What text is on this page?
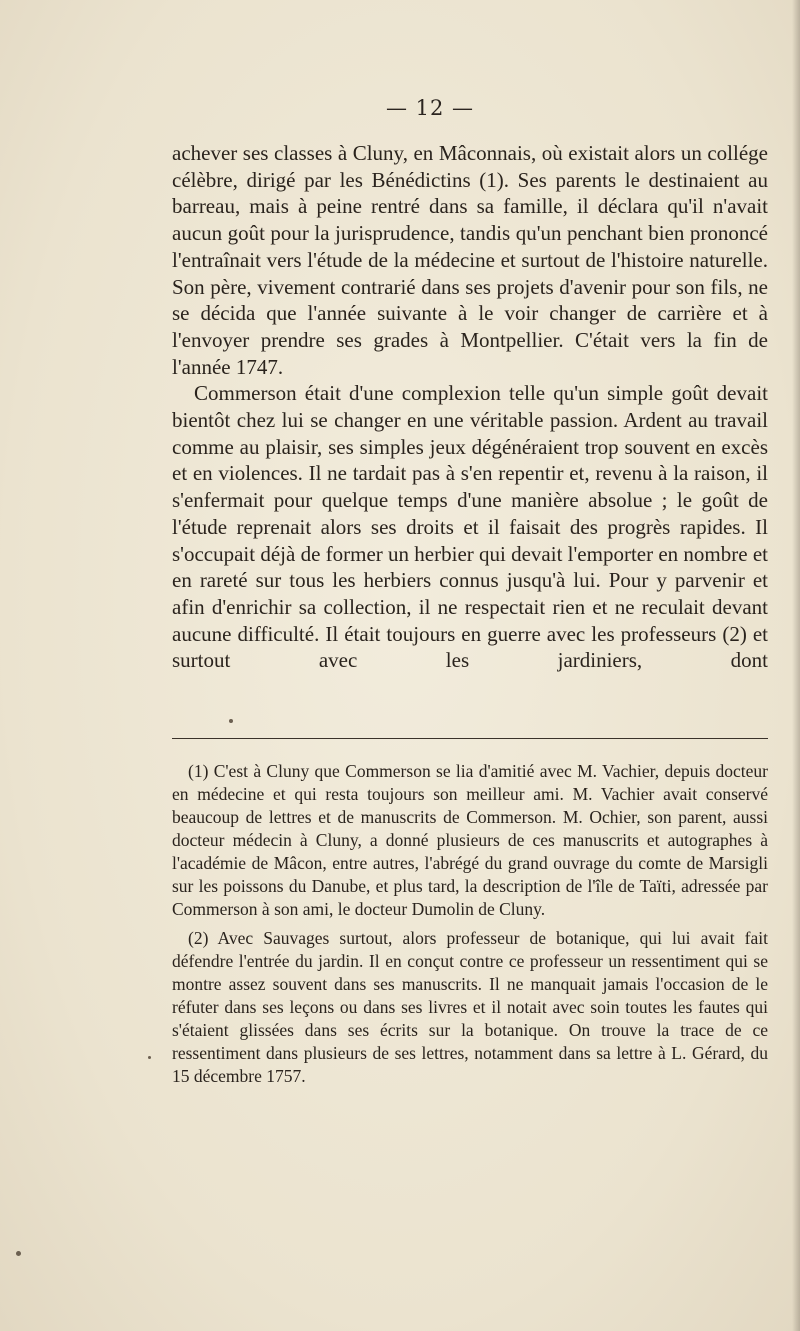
— 12 —

achever ses classes à Cluny, en Mâconnais, où existait alors un collége célèbre, dirigé par les Bénédictins (1). Ses parents le destinaient au barreau, mais à peine rentré dans sa famille, il déclara qu'il n'avait aucun goût pour la jurisprudence, tandis qu'un penchant bien prononcé l'entraînait vers l'étude de la médecine et surtout de l'histoire naturelle. Son père, vivement contrarié dans ses projets d'avenir pour son fils, ne se décida que l'année suivante à le voir changer de carrière et à l'envoyer prendre ses grades à Montpellier. C'était vers la fin de l'année 1747.

Commerson était d'une complexion telle qu'un simple goût devait bientôt chez lui se changer en une véritable passion. Ardent au travail comme au plaisir, ses simples jeux dégénéraient trop souvent en excès et en violences. Il ne tardait pas à s'en repentir et, revenu à la raison, il s'enfermait pour quelque temps d'une manière absolue ; le goût de l'étude reprenait alors ses droits et il faisait des progrès rapides. Il s'occupait déjà de former un herbier qui devait l'emporter en nombre et en rareté sur tous les herbiers connus jusqu'à lui. Pour y parvenir et afin d'enrichir sa collection, il ne respectait rien et ne reculait devant aucune difficulté. Il était toujours en guerre avec les professeurs (2) et surtout avec les jardiniers, dont

(1) C'est à Cluny que Commerson se lia d'amitié avec M. Vachier, depuis docteur en médecine et qui resta toujours son meilleur ami. M. Vachier avait conservé beaucoup de lettres et de manuscrits de Commerson. M. Ochier, son parent, aussi docteur médecin à Cluny, a donné plusieurs de ces manuscrits et autographes à l'académie de Mâcon, entre autres, l'abrégé du grand ouvrage du comte de Marsigli sur les poissons du Danube, et plus tard, la description de l'île de Taïti, adressée par Commerson à son ami, le docteur Dumolin de Cluny.

(2) Avec Sauvages surtout, alors professeur de botanique, qui lui avait fait défendre l'entrée du jardin. Il en conçut contre ce professeur un ressentiment qui se montre assez souvent dans ses manuscrits. Il ne manquait jamais l'occasion de le réfuter dans ses leçons ou dans ses livres et il notait avec soin toutes les fautes qui s'étaient glissées dans ses écrits sur la botanique. On trouve la trace de ce ressentiment dans plusieurs de ses lettres, notamment dans sa lettre à L. Gérard, du 15 décembre 1757.
